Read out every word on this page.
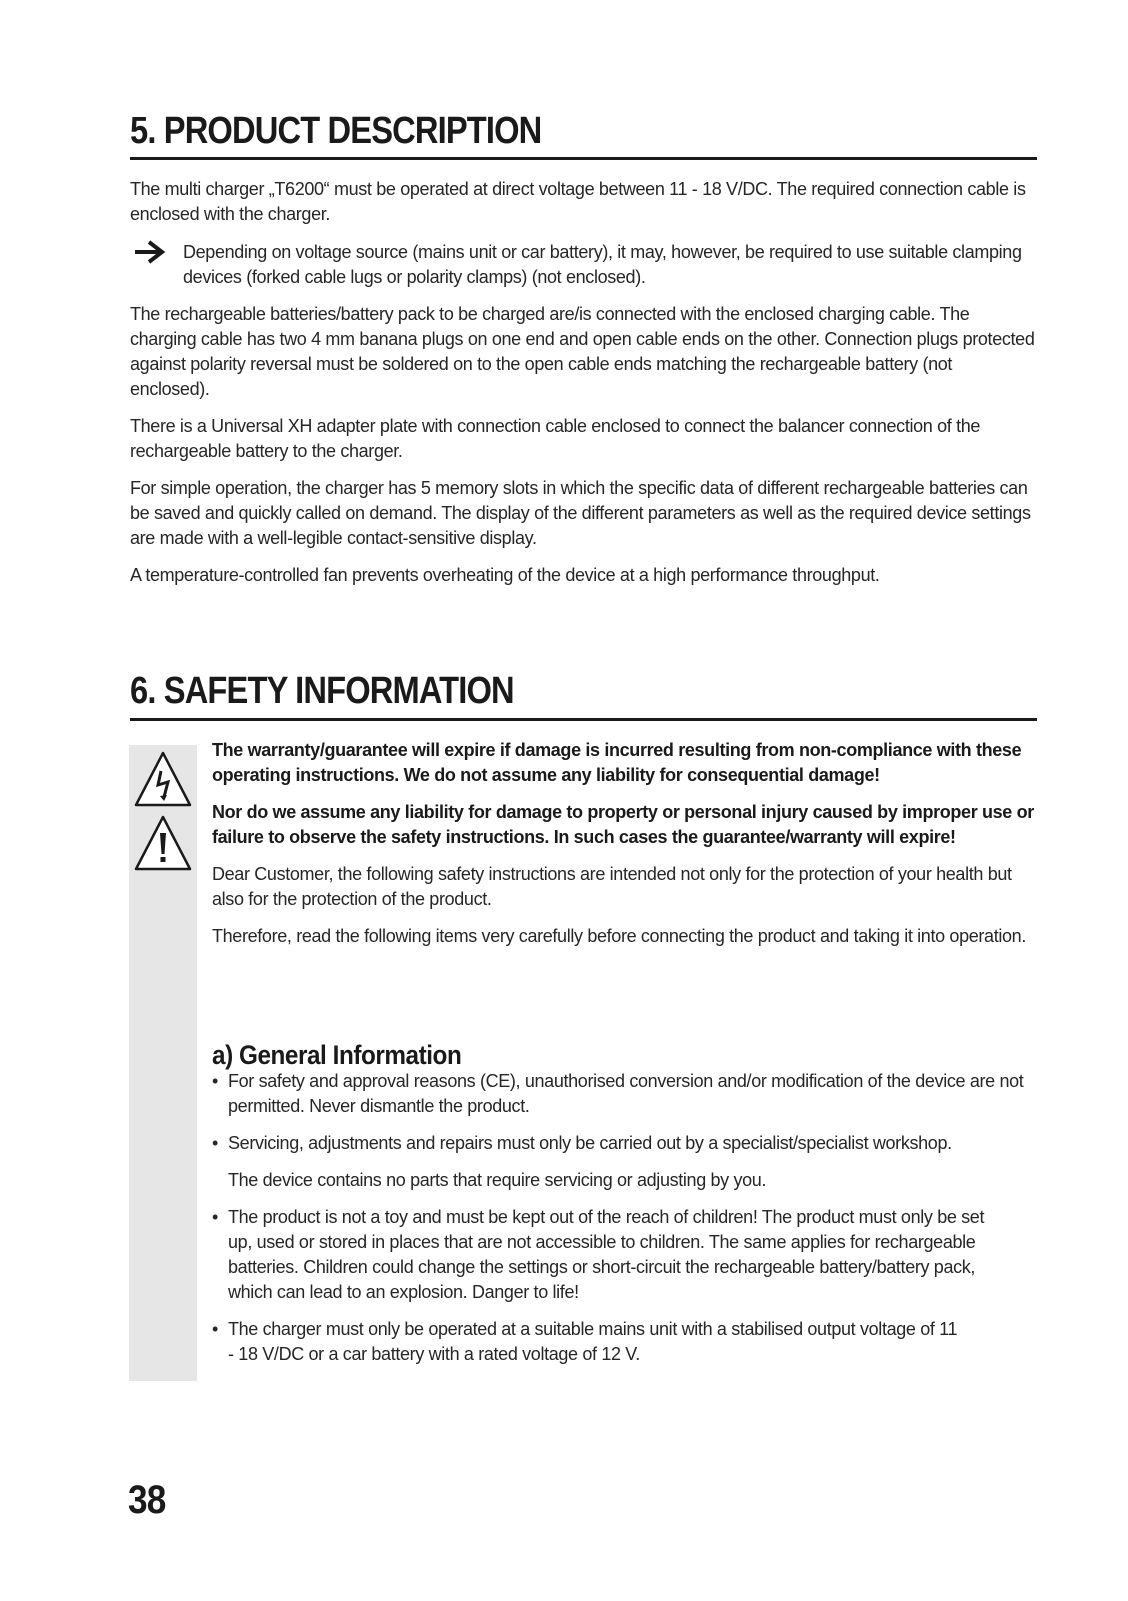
5. PRODUCT DESCRIPTION

The multi charger „T6200“ must be operated at direct voltage between 11 - 18 V/DC. The required connection cable is enclosed with the charger.

Depending on voltage source (mains unit or car battery), it may, however, be required to use suitable clamping devices (forked cable lugs or polarity clamps) (not enclosed).

The rechargeable batteries/battery pack to be charged are/is connected with the enclosed charging cable. The charging cable has two 4 mm banana plugs on one end and open cable ends on the other. Connection plugs protected against polarity reversal must be soldered on to the open cable ends matching the rechargeable battery (not enclosed).

There is a Universal XH adapter plate with connection cable enclosed to connect the balancer connection of the rechargeable battery to the charger.

For simple operation, the charger has 5 memory slots in which the specific data of different rechargeable batteries can be saved and quickly called on demand. The display of the different parameters as well as the required device settings are made with a well-legible contact-sensitive display.

A temperature-controlled fan prevents overheating of the device at a high performance throughput.

6. SAFETY INFORMATION

The warranty/guarantee will expire if damage is incurred resulting from non-compliance with these operating instructions. We do not assume any liability for consequential damage!

Nor do we assume any liability for damage to property or personal injury caused by improper use or failure to observe the safety instructions. In such cases the guarantee/warranty will expire!

Dear Customer, the following safety instructions are intended not only for the protection of your health but also for the protection of the product.

Therefore, read the following items very carefully before connecting the product and taking it into operation.

a) General Information
• For safety and approval reasons (CE), unauthorised conversion and/or modification of the device are not permitted. Never dismantle the product.

• Servicing, adjustments and repairs must only be carried out by a specialist/specialist workshop.

The device contains no parts that require servicing or adjusting by you.

• The product is not a toy and must be kept out of the reach of children! The product must only be set up, used or stored in places that are not accessible to children. The same applies for rechargeable batteries. Children could change the settings or short-circuit the rechargeable battery/battery pack, which can lead to an explosion. Danger to life!

• The charger must only be operated at a suitable mains unit with a stabilised output voltage of 11 - 18 V/DC or a car battery with a rated voltage of 12 V.

38
